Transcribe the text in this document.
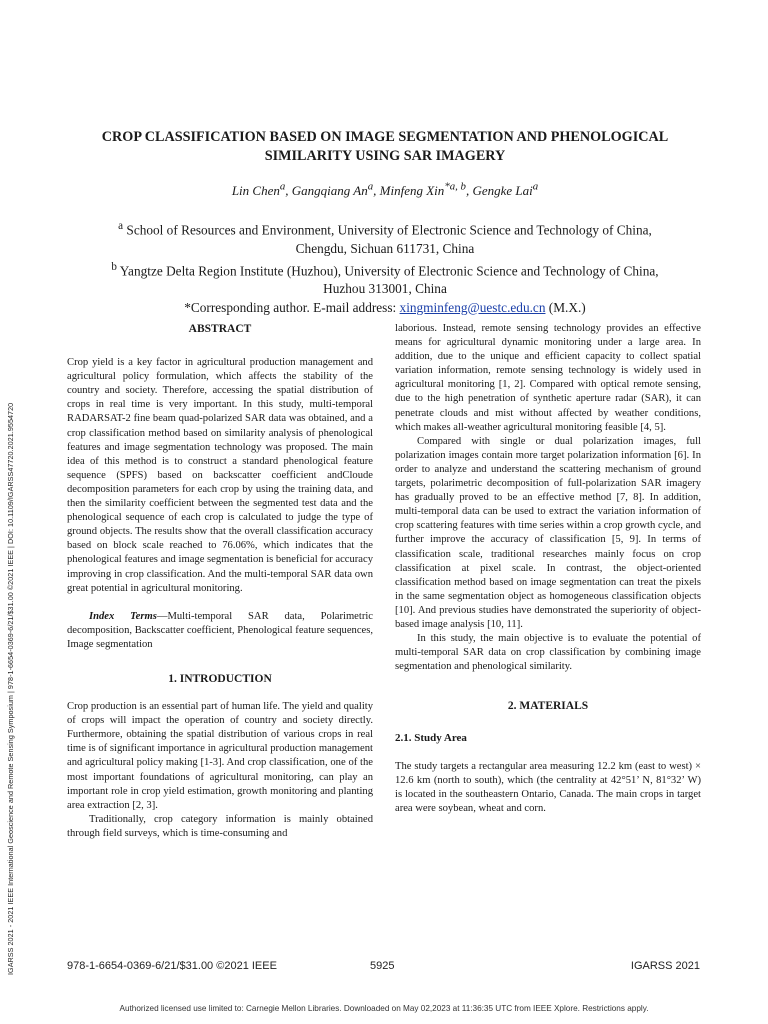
IGARSS 2021 - 2021 IEEE International Geoscience and Remote Sensing Symposium | 978-1-6654-0369-6/21/$31.00 ©2021 IEEE | DOI: 10.1109/IGARSS47720.2021.9554720
CROP CLASSIFICATION BASED ON IMAGE SEGMENTATION AND PHENOLOGICAL
SIMILARITY USING SAR IMAGERY
Lin Chen$^a$, Gangqiang An$^a$, Minfeng Xin$^{*a, b}$, Gengke Lai$^a$
$^a$ School of Resources and Environment, University of Electronic Science and Technology of China,
Chengdu, Sichuan 611731, China
$^b$ Yangtze Delta Region Institute (Huzhou), University of Electronic Science and Technology of China,
Huzhou 313001, China
*Corresponding author. E-mail address: xingminfeng@uestc.edu.cn (M.X.)

ABSTRACT

Crop yield is a key factor in agricultural production management and agricultural policy formulation, which affects the stability of the country and society. Therefore, accessing the spatial distribution of crops in real time is very important. In this study, multi-temporal RADARSAT-2 fine beam quad-polarized SAR data was obtained, and a crop classification method based on similarity analysis of phenological features and image segmentation technology was proposed. The main idea of this method is to construct a standard phenological feature sequence (SPFS) based on backscatter coefficient andCloude decomposition parameters for each crop by using the training data, and then the similarity coefficient between the segmented test data and the phenological sequence of each crop is calculated to judge the type of ground objects. The results show that the overall classification accuracy based on block scale reached to 76.06%, which indicates that the phenological features and image segmentation is beneficial for accuracy improving in crop classification. And the multi-temporal SAR data own great potential in agricultural monitoring.

Index Terms—Multi-temporal SAR data, Polarimetric decomposition, Backscatter coefficient, Phenological feature sequences, Image segmentation

1. INTRODUCTION

Crop production is an essential part of human life. The yield and quality of crops will impact the operation of country and society directly. Furthermore, obtaining the spatial distribution of various crops in real time is of significant importance in agricultural production management and agricultural policy making [1-3]. And crop classification, one of the most important foundations of agricultural monitoring, can play an important role in crop yield estimation, growth monitoring and planting area extraction [2, 3].

Traditionally, crop category information is mainly obtained through field surveys, which is time-consuming and

laborious. Instead, remote sensing technology provides an effective means for agricultural dynamic monitoring under a large area. In addition, due to the unique and efficient capacity to collect spatial variation information, remote sensing technology is widely used in agricultural monitoring [1, 2]. Compared with optical remote sensing, due to the high penetration of synthetic aperture radar (SAR), it can penetrate clouds and mist without affected by weather conditions, which makes all-weather agricultural monitoring feasible [4, 5].

Compared with single or dual polarization images, full polarization images contain more target polarization information [6]. In order to analyze and understand the scattering mechanism of ground targets, polarimetric decomposition of full-polarization SAR imagery has gradually proved to be an effective method [7, 8]. In addition, multi-temporal data can be used to extract the variation information of crop scattering features with time series within a crop growth cycle, and further improve the accuracy of classification [5, 9]. In terms of classification scale, traditional researches mainly focus on crop classification at pixel scale. In contrast, the object-oriented classification method based on image segmentation can treat the pixels in the same segmentation object as homogeneous classification objects [10]. And previous studies have demonstrated the superiority of object-based image analysis [10, 11].

In this study, the main objective is to evaluate the potential of multi-temporal SAR data on crop classification by combining image segmentation and phenological similarity.

2. MATERIALS

2.1. Study Area

The study targets a rectangular area measuring 12.2 km (east to west) × 12.6 km (north to south), which (the centrality at 42°51’ N, 81°32’ W) is located in the southeastern Ontario, Canada. The main crops in target area were soybean, wheat and corn.

978-1-6654-0369-6/21/$31.00 ©2021 IEEE	5925	IGARSS 2021
Authorized licensed use limited to: Carnegie Mellon Libraries. Downloaded on May 02,2023 at 11:36:35 UTC from IEEE Xplore. Restrictions apply.
